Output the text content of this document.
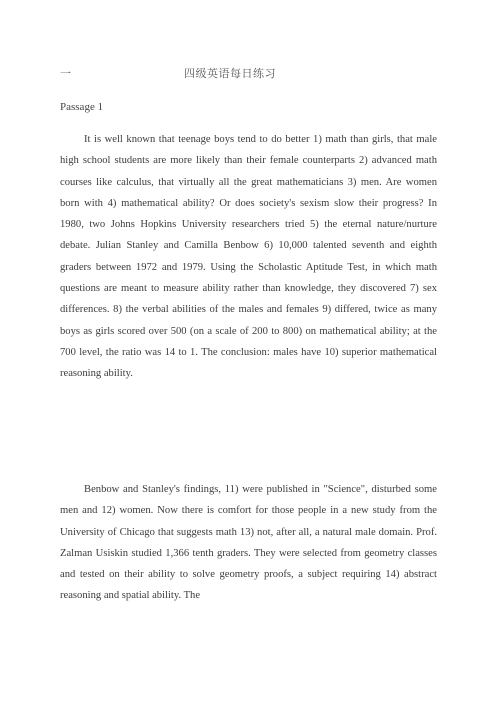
一	四级英语每日练习
Passage 1

It is well known that teenage boys tend to do better 1) math than girls, that male high school students are more likely than their female counterparts 2) advanced math courses like calculus, that virtually all the great mathematicians 3) men. Are women born with 4) mathematical ability? Or does society's sexism slow their progress? In 1980, two Johns Hopkins University researchers tried 5) the eternal nature/nurture debate. Julian Stanley and Camilla Benbow 6) 10,000 talented seventh and eighth graders between 1972 and 1979. Using the Scholastic Aptitude Test, in which math questions are meant to measure ability rather than knowledge, they discovered 7) sex differences. 8) the verbal abilities of the males and females 9) differed, twice as many boys as girls scored over 500 (on a scale of 200 to 800) on mathematical ability; at the 700 level, the ratio was 14 to 1. The conclusion: males have 10) superior mathematical reasoning ability.

Benbow and Stanley's findings, 11) were published in "Science", disturbed some men and 12) women. Now there is comfort for those people in a new study from the University of Chicago that suggests math 13) not, after all, a natural male domain. Prof. Zalman Usiskin studied 1,366 tenth graders. They were selected from geometry classes and tested on their ability to solve geometry proofs, a subject requiring 14) abstract reasoning and spatial ability. The
